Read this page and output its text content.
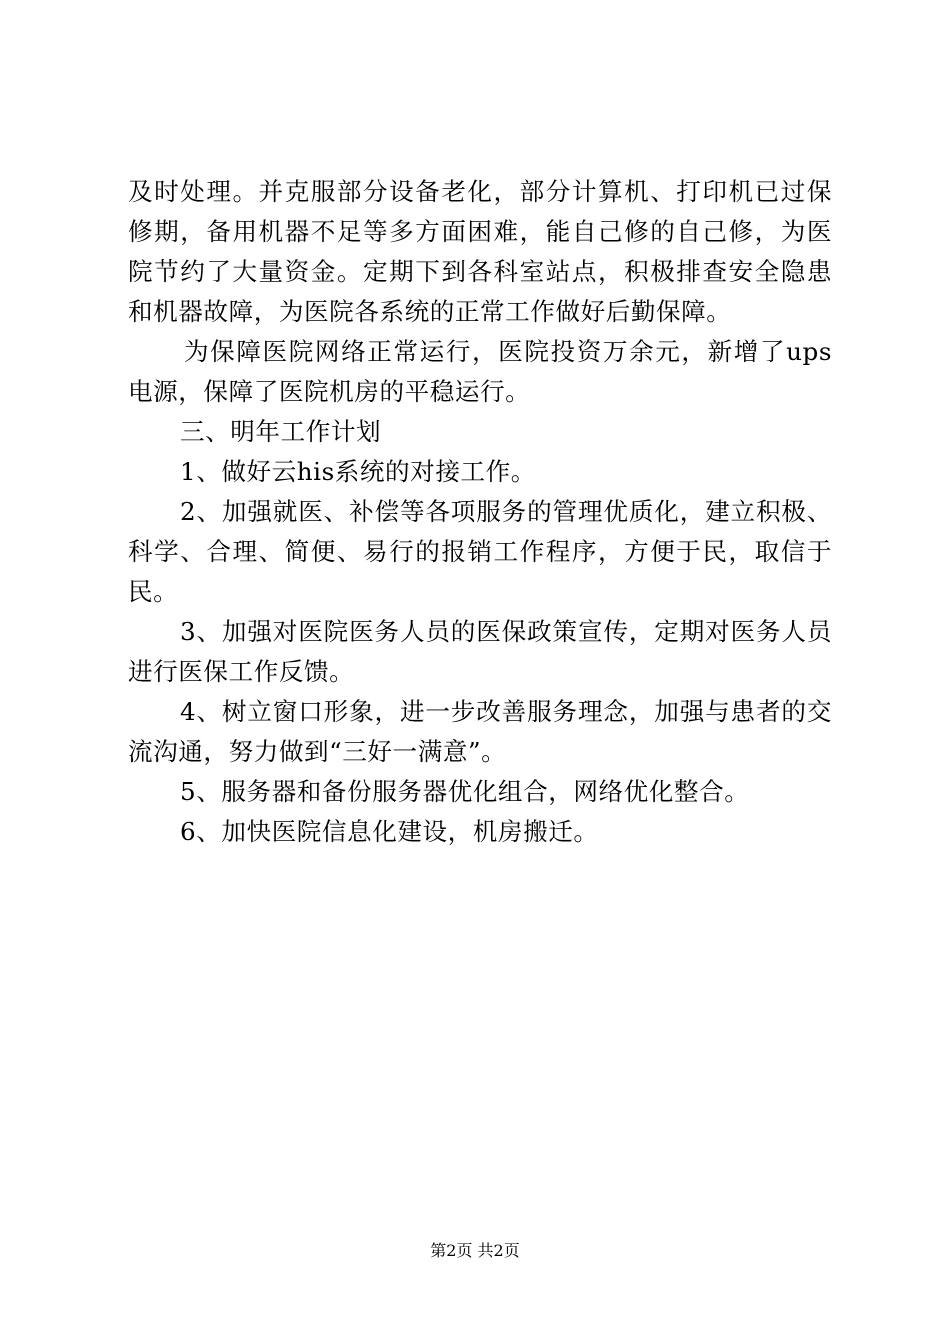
及时处理。并克服部分设备老化，部分计算机、打印机已过保修期，备用机器不足等多方面困难，能自己修的自己修，为医院节约了大量资金。定期下到各科室站点，积极排查安全隐患和机器故障，为医院各系统的正常工作做好后勤保障。

为保障医院网络正常运行，医院投资万余元，新增了ups电源，保障了医院机房的平稳运行。

三、明年工作计划

1、做好云his系统的对接工作。

2、加强就医、补偿等各项服务的管理优质化，建立积极、科学、合理、简便、易行的报销工作程序，方便于民，取信于民。

3、加强对医院医务人员的医保政策宣传，定期对医务人员进行医保工作反馈。

4、树立窗口形象，进一步改善服务理念，加强与患者的交流沟通，努力做到“三好一满意”。

5、服务器和备份服务器优化组合，网络优化整合。

6、加快医院信息化建设，机房搬迁。

第2页 共2页
